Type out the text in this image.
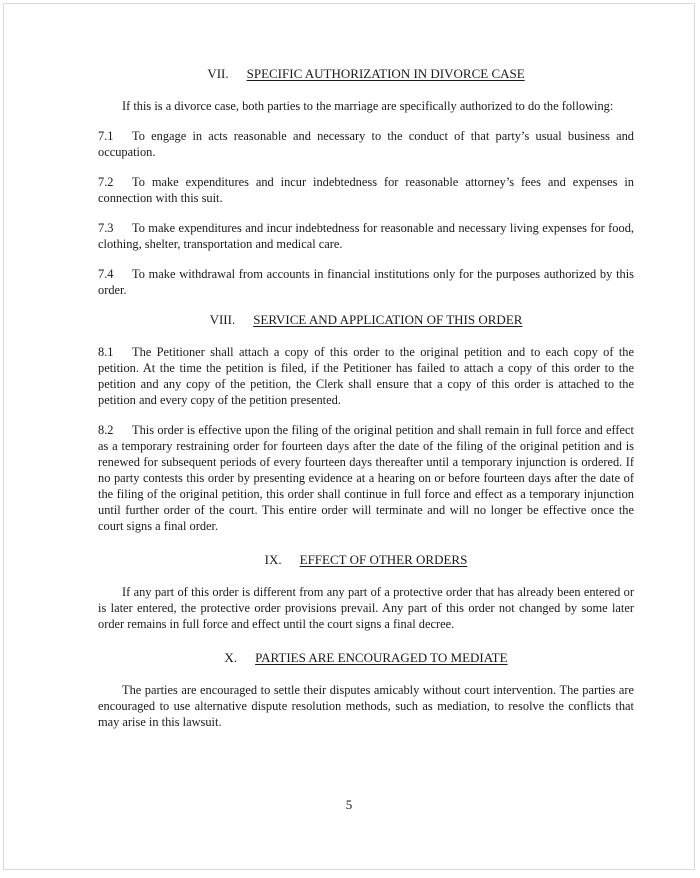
VII. SPECIFIC AUTHORIZATION IN DIVORCE CASE

If this is a divorce case, both parties to the marriage are specifically authorized to do the following:

7.1 To engage in acts reasonable and necessary to the conduct of that party’s usual business and occupation.

7.2 To make expenditures and incur indebtedness for reasonable attorney’s fees and expenses in connection with this suit.

7.3 To make expenditures and incur indebtedness for reasonable and necessary living expenses for food, clothing, shelter, transportation and medical care.

7.4 To make withdrawal from accounts in financial institutions only for the purposes authorized by this order.

VIII. SERVICE AND APPLICATION OF THIS ORDER

8.1 The Petitioner shall attach a copy of this order to the original petition and to each copy of the petition. At the time the petition is filed, if the Petitioner has failed to attach a copy of this order to the petition and any copy of the petition, the Clerk shall ensure that a copy of this order is attached to the petition and every copy of the petition presented.

8.2 This order is effective upon the filing of the original petition and shall remain in full force and effect as a temporary restraining order for fourteen days after the date of the filing of the original petition and is renewed for subsequent periods of every fourteen days thereafter until a temporary injunction is ordered. If no party contests this order by presenting evidence at a hearing on or before fourteen days after the date of the filing of the original petition, this order shall continue in full force and effect as a temporary injunction until further order of the court. This entire order will terminate and will no longer be effective once the court signs a final order.

IX. EFFECT OF OTHER ORDERS

If any part of this order is different from any part of a protective order that has already been entered or is later entered, the protective order provisions prevail. Any part of this order not changed by some later order remains in full force and effect until the court signs a final decree.

X. PARTIES ARE ENCOURAGED TO MEDIATE

The parties are encouraged to settle their disputes amicably without court intervention. The parties are encouraged to use alternative dispute resolution methods, such as mediation, to resolve the conflicts that may arise in this lawsuit.

5
